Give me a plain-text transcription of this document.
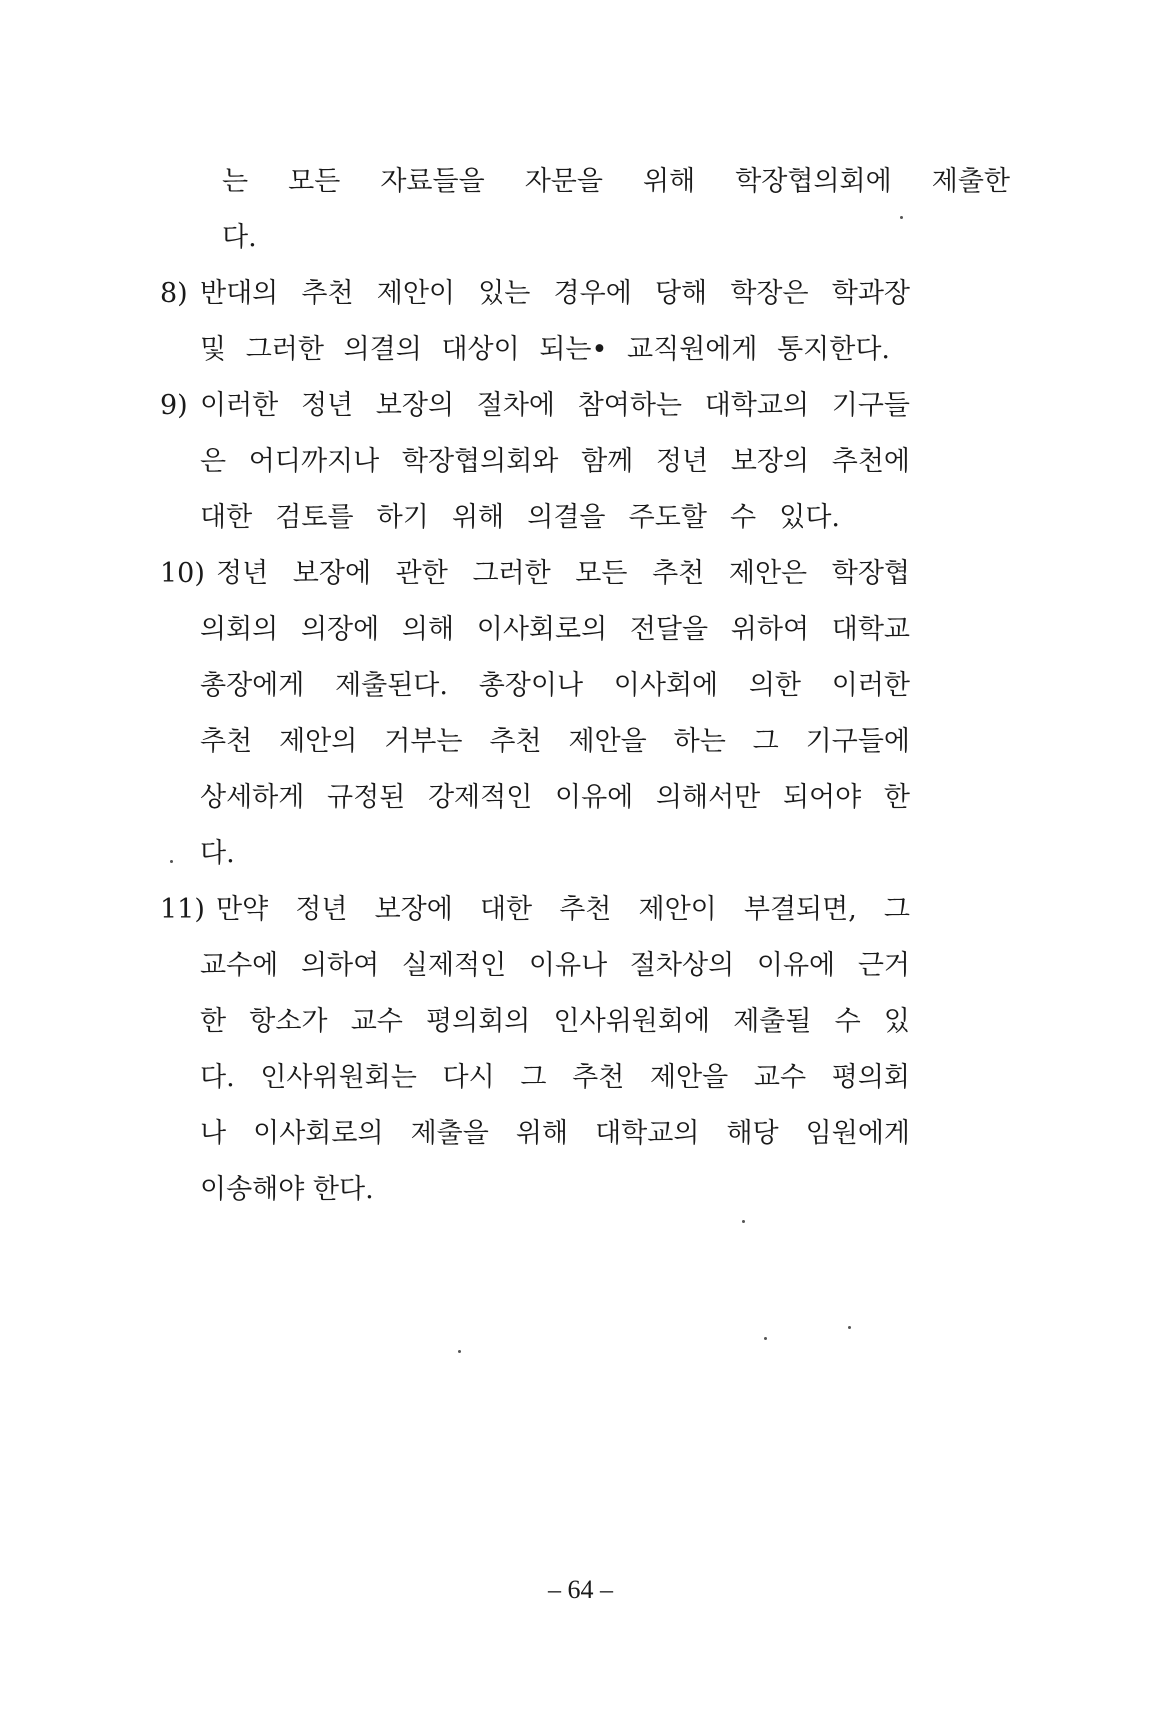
는 모든 자료들을 자문을 위해 학장협의회에 제출한
다.
8) 반대의 추천 제안이 있는 경우에 당해 학장은 학과장
및 그러한 의결의 대상이 되는• 교직원에게 통지한다.
9) 이러한 정년 보장의 절차에 참여하는 대학교의 기구들
은 어디까지나 학장협의회와 함께 정년 보장의 추천에
대한 검토를 하기 위해 의결을 주도할 수 있다.
10) 정년 보장에 관한 그러한 모든 추천 제안은 학장협
의회의 의장에 의해 이사회로의 전달을 위하여 대학교
총장에게 제출된다. 총장이나 이사회에 의한 이러한
추천 제안의 거부는 추천 제안을 하는 그 기구들에
상세하게 규정된 강제적인 이유에 의해서만 되어야 한
다.
11) 만약 정년 보장에 대한 추천 제안이 부결되면, 그
교수에 의하여 실제적인 이유나 절차상의 이유에 근거
한 항소가 교수 평의회의 인사위원회에 제출될 수 있
다. 인사위원회는 다시 그 추천 제안을 교수 평의회
나 이사회로의 제출을 위해 대학교의 해당 임원에게
이송해야 한다.
– 64 –
